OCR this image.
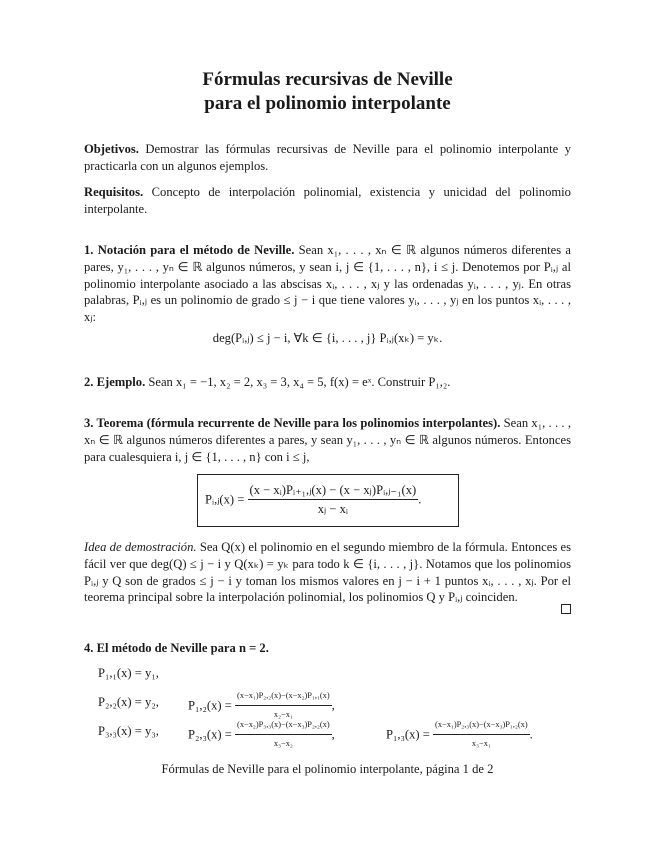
Fórmulas recursivas de Neville
para el polinomio interpolante
Objetivos. Demostrar las fórmulas recursivas de Neville para el polinomio interpolante y practicarla con un algunos ejemplos.
Requisitos. Concepto de interpolación polinomial, existencia y unicidad del polinomio interpolante.
1. Notación para el método de Neville. Sean x₁, . . . , xₙ ∈ ℝ algunos números diferentes a pares, y₁, . . . , yₙ ∈ ℝ algunos números, y sean i, j ∈ {1, . . . , n}, i ≤ j. Denotemos por Pᵢ,ⱼ al polinomio interpolante asociado a las abscisas xᵢ, . . . , xⱼ y las ordenadas yᵢ, . . . , yⱼ. En otras palabras, Pᵢ,ⱼ es un polinomio de grado ≤ j − i que tiene valores yᵢ, . . . , yⱼ en los puntos xᵢ, . . . , xⱼ:
deg(Pᵢ,ⱼ) ≤ j − i, ∀k ∈ {i, . . . , j} Pᵢ,ⱼ(xₖ) = yₖ.
2. Ejemplo. Sean x₁ = −1, x₂ = 2, x₃ = 3, x₄ = 5, f(x) = eˣ. Construir P₁,₂.
3. Teorema (fórmula recurrente de Neville para los polinomios interpolantes). Sean x₁, . . . , xₙ ∈ ℝ algunos números diferentes a pares, y sean y₁, . . . , yₙ ∈ ℝ algunos números. Entonces para cualesquiera i, j ∈ {1, . . . , n} con i ≤ j,
Pᵢ,ⱼ(x) = $\frac{\text{(x − xᵢ)Pᵢ₊₁,ⱼ(x) − (x − xⱼ)Pᵢ,ⱼ₋₁(x)}}{\text{xⱼ − xᵢ}}$ .
Idea de demostración. Sea Q(x) el polinomio en el segundo miembro de la fórmula. Entonces es fácil ver que deg(Q) ≤ j − i y Q(xₖ) = yₖ para todo k ∈ {i, . . . , j}. Notamos que los polinomios Pᵢ,ⱼ y Q son de grados ≤ j − i y toman los mismos valores en j − i + 1 puntos xᵢ, . . . , xⱼ. Por el teorema principal sobre la interpolación polinomial, los polinomios Q y Pᵢ,ⱼ coinciden.
4. El método de Neville para n = 2.
P₁,₁(x) = y₁,
P₂,₂(x) = y₂, $P_1,_2(x) = \frac{\text{(x−x₁)P₂,₂(x)−(x−x₂)P₁,₁(x)}}{\text{x₂−x₁}}$ ,
P₃,₃(x) = y₃, $P_2,_3(x) = \frac{\text{(x−x₂)P₃,₃(x)−(x−x₃)P₂,₂(x)}}{\text{x₃−x₂}}$ ,	$P_1,_3(x) = \frac{\text{(x−x₁)P₂,₃(x)−(x−x₃)P₁,₂(x)}}{\text{x₃−x₁}}$ .
Fórmulas de Neville para el polinomio interpolante, página 1 de 2
